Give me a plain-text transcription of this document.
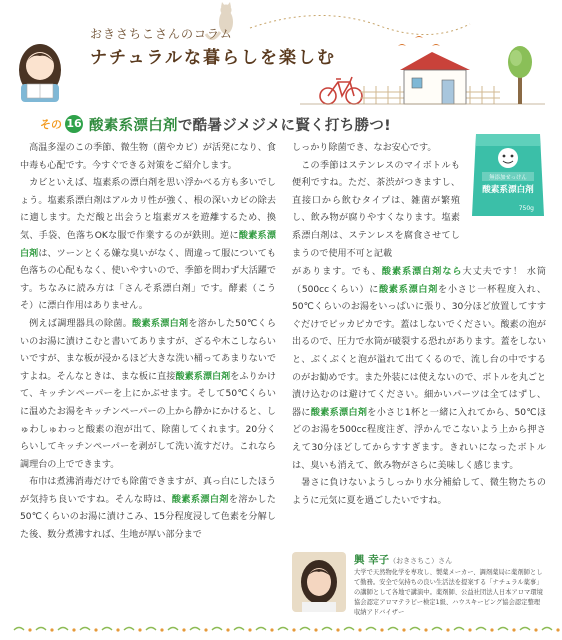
おきさちこさんのコラム
ナチュラルな暮らしを楽しむ
その 16 酸素系漂白剤 で酷暑ジメジメに賢く打ち勝つ!
無添加せっけん
酸素系漂白剤
750g

高温多湿のこの季節、微生物（菌やカビ）が活発になり、食中毒も心配です。今すぐできる対策をご紹介します。

カビといえば、塩素系の漂白剤を思い浮かべる方も多いでしょう。塩素系漂白剤はアルカリ性が強く、根の深いカビの除去に適します。ただ酸と出会うと塩素ガスを遊離するため、換気、手袋、色落ちOKな服で作業するのが鉄則。逆に酸素系漂白剤は、ツーンとくる嫌な臭いがなく、間違って服についても色落ちの心配もなく、使いやすいので、季節を問わず大活躍です。ちなみに読み方は「さんそ系漂白剤」です。酵素（こうそ）に漂白作用はありません。

例えば調理器具の除菌。酸素系漂白剤を溶かした50℃くらいのお湯に漬けこむと書いてありますが、ざるや木こしならいいですが、まな板が浸かるほど大きな洗い桶ってあまりないですよね。そんなときは、まな板に直接酸素系漂白剤をふりかけて、キッチンペーパーを上にかぶせます。そして50℃くらいに温めたお湯をキッチンペーパーの上から静かにかけると、しゅわしゅわっと酸素の泡が出て、除菌してくれます。20分くらいしてキッチンペーパーを剥がして洗い流すだけ。これなら調理台の上でできます。

布巾は煮沸消毒だけでも除菌できますが、真っ白にしたほうが気持ち良いですね。そんな時は、酸素系漂白剤を溶かした50℃くらいのお湯に漬けこみ、15分程度浸して色素を分解した後、数分煮沸すれば、生地が厚い部分まで

しっかり除菌でき、なお安心です。

この季節はステンレスのマイボトルも便利ですね。ただ、茶渋がつきますし、直接口から飲むタイプは、雑菌が繁殖し、飲み物が腐りやすくなります。塩素系漂白剤は、ステンレスを腐食させてしまうので使用不可と記載

があります。でも、酸素系漂白剤なら大丈夫です！ 水筒（500ccくらい）に酸素系漂白剤を小さじ一杯程度入れ、50℃くらいのお湯をいっぱいに張り、30分ほど放置してすすぐだけでピッカピカです。蓋はしないでください。酸素の泡が出るので、圧力で水筒が破裂する恐れがあります。蓋をしないと、ぶくぶくと泡が溢れて出てくるので、流し台の中でするのがお勧めです。また外装には使えないので、ボトルを丸ごと漬け込むのは避けてください。細かいパーツは全てはずし、器に酸素系漂白剤を小さじ1杯と一緒に入れてから、50℃ほどのお湯を500cc程度注ぎ、浮かんでこないよう上から押さえて30分ほどしてからすすぎます。きれいになったボトルは、臭いも消えて、飲み物がさらに美味しく感じます。

暑さに負けないようしっかり水分補給して、微生物たちのように元気に夏を過ごしたいですね。

興 幸子（おきさちこ）さん
大学で天然物化学を専攻し、製薬メーカー、調剤薬局に薬剤師として勤務。安全で気持ちの良い生活法を提案する「ナチュラル薬事」の講師として各地で講演中。薬剤師、公益社団法人日本アロマ環境協会認定アロマテラピー検定1級、ハウスキーピング協会認定整理収納アドバイザー
